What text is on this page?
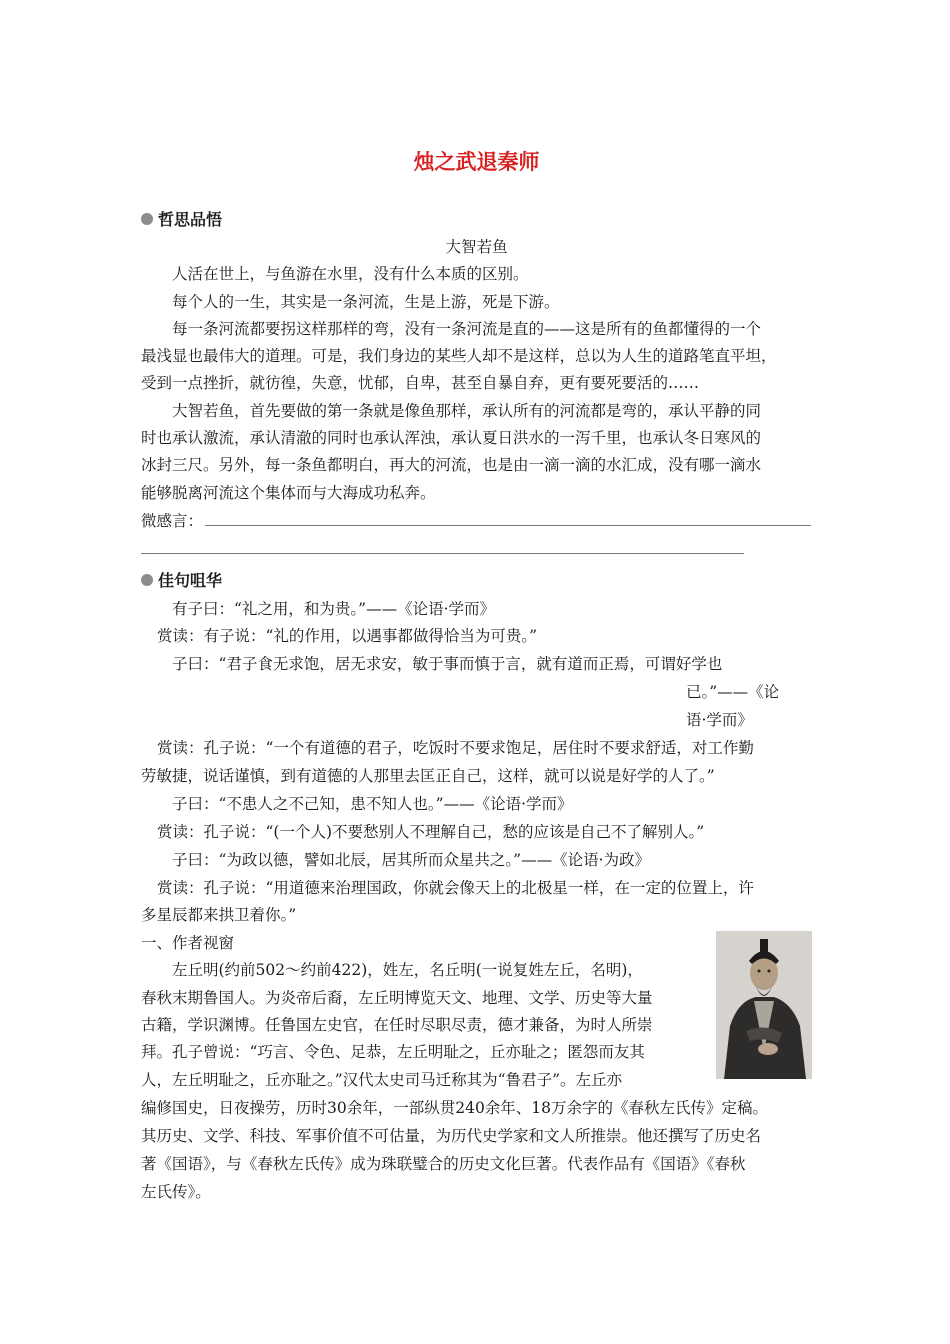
烛之武退秦师
哲思品悟
大智若鱼
人活在世上，与鱼游在水里，没有什么本质的区别。
每个人的一生，其实是一条河流，生是上游，死是下游。
每一条河流都要拐这样那样的弯，没有一条河流是直的——这是所有的鱼都懂得的一个
最浅显也最伟大的道理。可是，我们身边的某些人却不是这样，总以为人生的道路笔直平坦，
受到一点挫折，就彷徨，失意，忧郁，自卑，甚至自暴自弃，更有要死要活的……
大智若鱼，首先要做的第一条就是像鱼那样，承认所有的河流都是弯的，承认平静的同
时也承认激流，承认清澈的同时也承认浑浊，承认夏日洪水的一泻千里，也承认冬日寒风的
冰封三尺。另外，每一条鱼都明白，再大的河流，也是由一滴一滴的水汇成，没有哪一滴水
能够脱离河流这个集体而与大海成功私奔。
微感言：
佳句咀华
有子曰：“礼之用，和为贵。”——《论语·学而》
赏读：有子说：“礼的作用，以遇事都做得恰当为可贵。”
子曰：“君子食无求饱，居无求安，敏于事而慎于言，就有道而正焉，可谓好学也
已。”——《论
语·学而》
赏读：孔子说：“一个有道德的君子，吃饭时不要求饱足，居住时不要求舒适，对工作勤
劳敏捷，说话谨慎，到有道德的人那里去匡正自己，这样，就可以说是好学的人了。”
子曰：“不患人之不己知，患不知人也。”——《论语·学而》
赏读：孔子说：“(一个人)不要愁别人不理解自己，愁的应该是自己不了解别人。”
子曰：“为政以德，譬如北辰，居其所而众星共之。”——《论语·为政》
赏读：孔子说：“用道德来治理国政，你就会像天上的北极星一样，在一定的位置上，许
多星辰都来拱卫着你。”
一、作者视窗
左丘明(约前502～约前422)，姓左，名丘明(一说复姓左丘，名明)，
春秋末期鲁国人。为炎帝后裔，左丘明博览天文、地理、文学、历史等大量
古籍，学识渊博。任鲁国左史官，在任时尽职尽责，德才兼备，为时人所崇
拜。孔子曾说：“巧言、令色、足恭，左丘明耻之，丘亦耻之；匿怨而友其
人，左丘明耻之，丘亦耻之。”汉代太史司马迁称其为“鲁君子”。左丘亦
编修国史，日夜操劳，历时30余年，一部纵贯240余年、18万余字的《春秋左氏传》定稿。
其历史、文学、科技、军事价值不可估量，为历代史学家和文人所推崇。他还撰写了历史名
著《国语》，与《春秋左氏传》成为珠联璧合的历史文化巨著。代表作品有《国语》《春秋
左氏传》。
